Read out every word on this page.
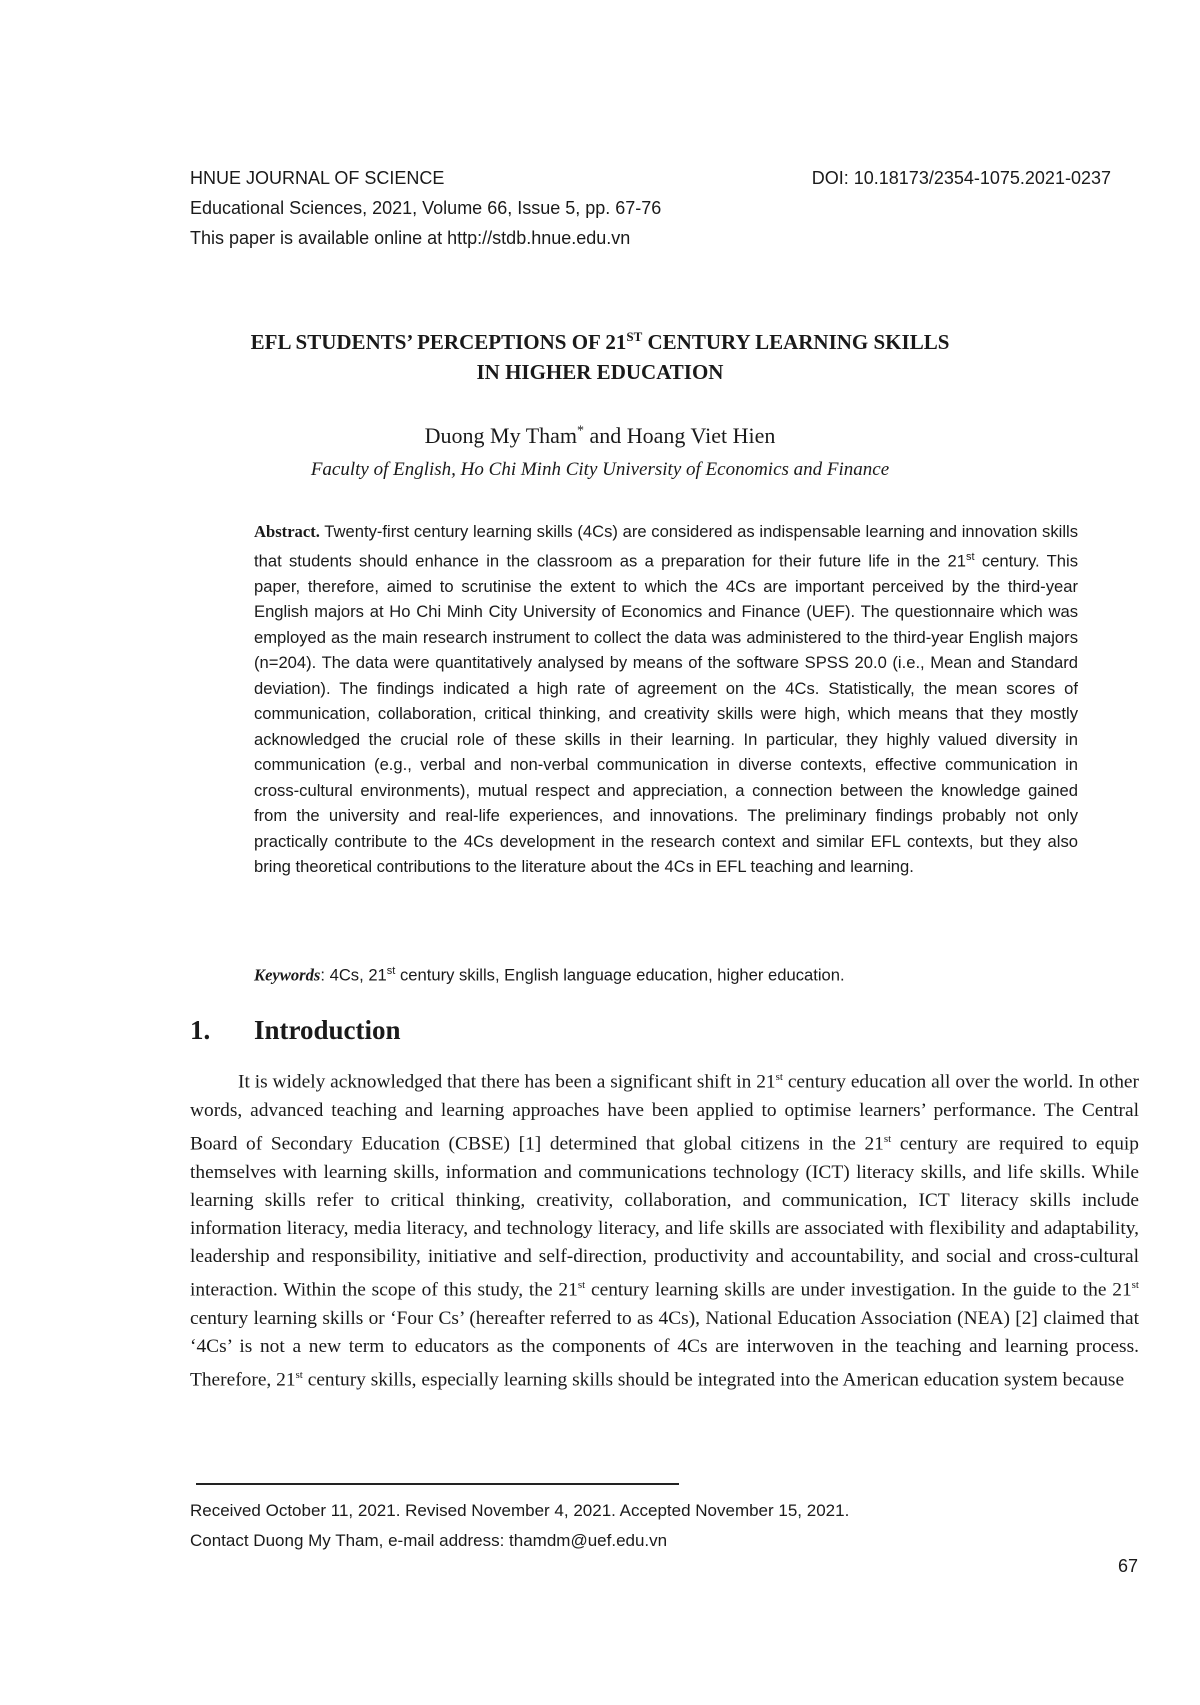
HNUE JOURNAL OF SCIENCE
Educational Sciences, 2021, Volume 66, Issue 5, pp. 67-76
This paper is available online at http://stdb.hnue.edu.vn
DOI: 10.18173/2354-1075.2021-0237
EFL STUDENTS’ PERCEPTIONS OF 21ST CENTURY LEARNING SKILLS
IN HIGHER EDUCATION
Duong My Tham* and Hoang Viet Hien
Faculty of English, Ho Chi Minh City University of Economics and Finance
Abstract. Twenty-first century learning skills (4Cs) are considered as indispensable learning and innovation skills that students should enhance in the classroom as a preparation for their future life in the 21st century. This paper, therefore, aimed to scrutinise the extent to which the 4Cs are important perceived by the third-year English majors at Ho Chi Minh City University of Economics and Finance (UEF). The questionnaire which was employed as the main research instrument to collect the data was administered to the third-year English majors (n=204). The data were quantitatively analysed by means of the software SPSS 20.0 (i.e., Mean and Standard deviation). The findings indicated a high rate of agreement on the 4Cs. Statistically, the mean scores of communication, collaboration, critical thinking, and creativity skills were high, which means that they mostly acknowledged the crucial role of these skills in their learning. In particular, they highly valued diversity in communication (e.g., verbal and non-verbal communication in diverse contexts, effective communication in cross-cultural environments), mutual respect and appreciation, a connection between the knowledge gained from the university and real-life experiences, and innovations. The preliminary findings probably not only practically contribute to the 4Cs development in the research context and similar EFL contexts, but they also bring theoretical contributions to the literature about the 4Cs in EFL teaching and learning.
Keywords: 4Cs, 21st century skills, English language education, higher education.
1. Introduction

It is widely acknowledged that there has been a significant shift in 21st century education all over the world. In other words, advanced teaching and learning approaches have been applied to optimise learners’ performance. The Central Board of Secondary Education (CBSE) [1] determined that global citizens in the 21st century are required to equip themselves with learning skills, information and communications technology (ICT) literacy skills, and life skills. While learning skills refer to critical thinking, creativity, collaboration, and communication, ICT literacy skills include information literacy, media literacy, and technology literacy, and life skills are associated with flexibility and adaptability, leadership and responsibility, initiative and self-direction, productivity and accountability, and social and cross-cultural interaction. Within the scope of this study, the 21st century learning skills are under investigation. In the guide to the 21st century learning skills or ‘Four Cs’ (hereafter referred to as 4Cs), National Education Association (NEA) [2] claimed that ‘4Cs’ is not a new term to educators as the components of 4Cs are interwoven in the teaching and learning process. Therefore, 21st century skills, especially learning skills should be integrated into the American education system because

Received October 11, 2021. Revised November 4, 2021. Accepted November 15, 2021.
Contact Duong My Tham, e-mail address: thamdm@uef.edu.vn
67
